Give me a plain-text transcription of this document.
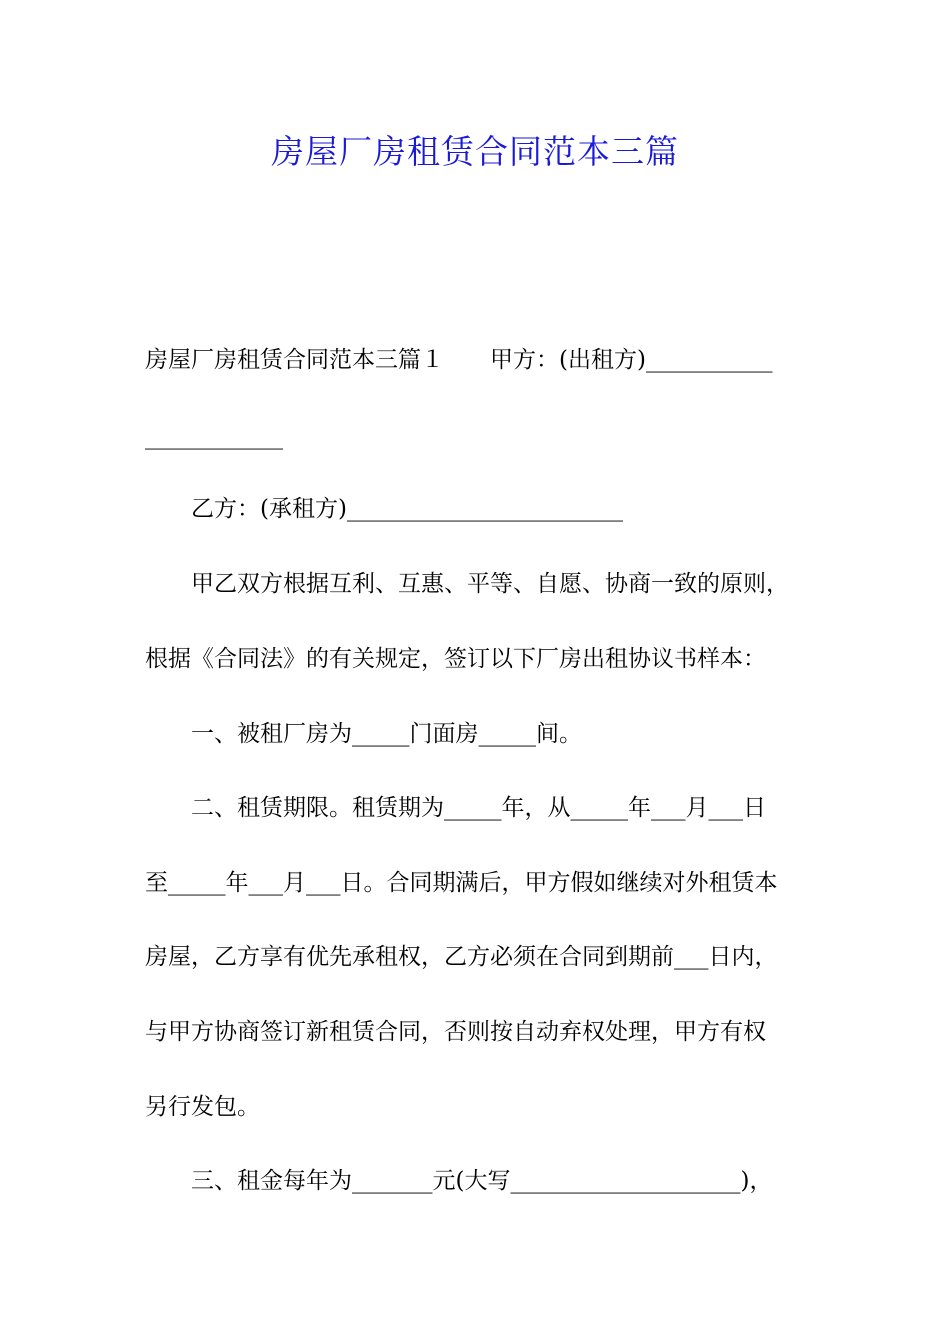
房屋厂房租赁合同范本三篇
房屋厂房租赁合同范本三篇１　　甲方：(出租方)___________
____________
　　乙方：(承租方)________________________
　　甲乙双方根据互利、互惠、平等、自愿、协商一致的原则，
根据《合同法》的有关规定，签订以下厂房出租协议书样本：
　　一、被租厂房为_____门面房_____间。
　　二、租赁期限。租赁期为_____年，从_____年___月___日
至_____年___月___日。合同期满后，甲方假如继续对外租赁本
房屋，乙方享有优先承租权，乙方必须在合同到期前___日内，
与甲方协商签订新租赁合同，否则按自动弃权处理，甲方有权
另行发包。
　　三、租金每年为_______元(大写____________________)，
